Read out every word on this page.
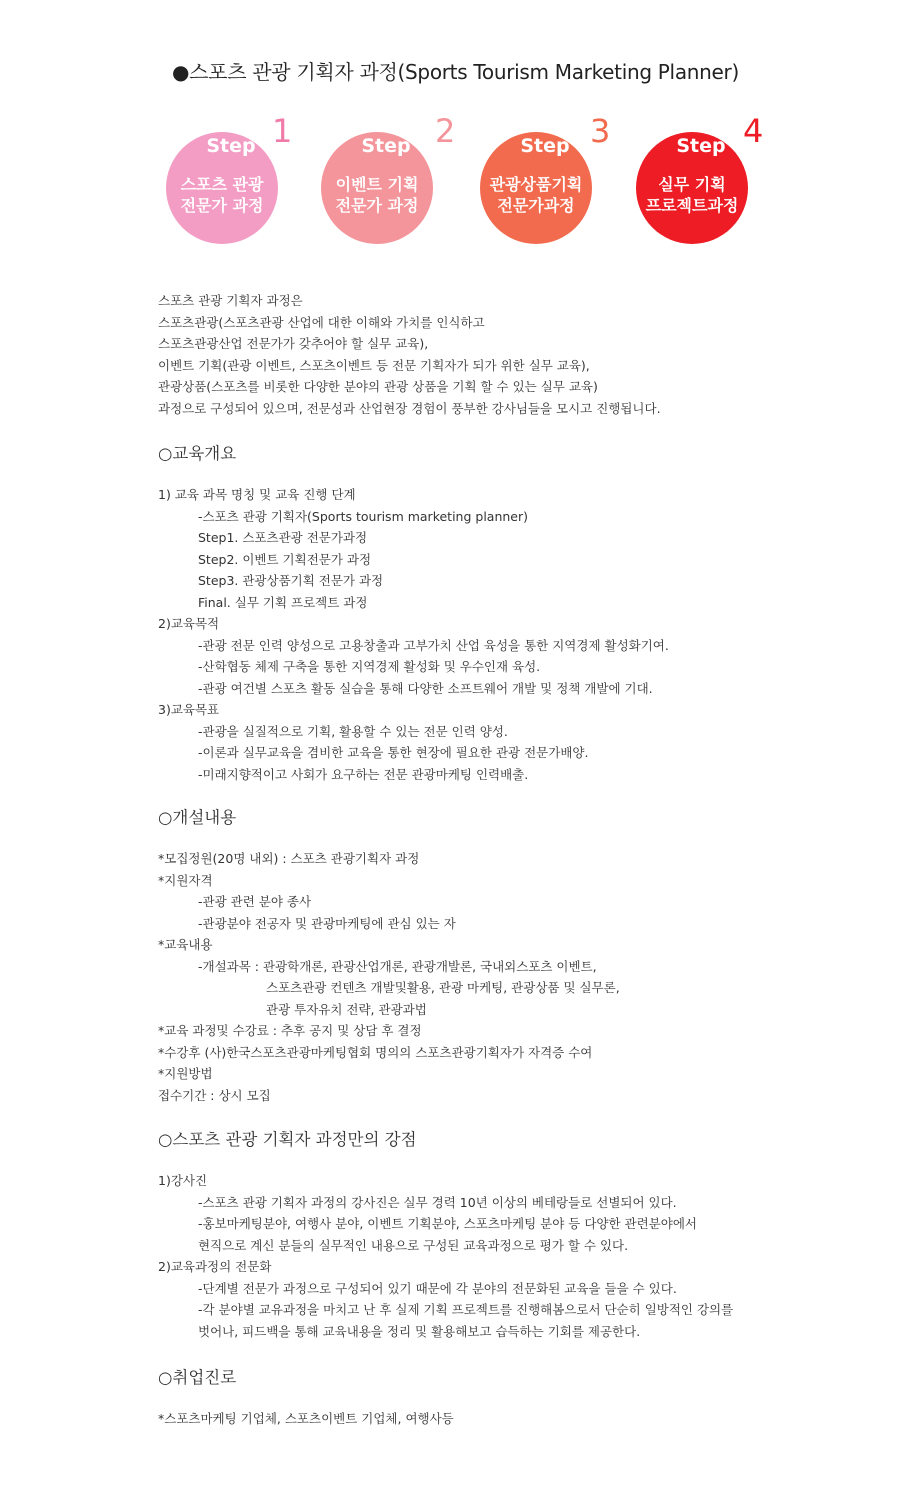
●스포츠 관광 기획자 과정(Sports Tourism Marketing Planner)
Step
스포츠 관광
전문가 과정
1	Step
이벤트 기획
전문가 과정
2	Step
관광상품기획
전문가과정
3	Step
실무 기획
프로젝트과정
4

스포츠 관광 기획자 과정은

스포츠관광(스포츠관광 산업에 대한 이해와 가치를 인식하고

스포츠관광산업 전문가가 갖추어야 할 실무 교육),

이벤트 기획(관광 이벤트, 스포츠이벤트 등 전문 기획자가 되가 위한 실무 교육),

관광상품(스포츠를 비롯한 다양한 분야의 관광 상품을 기획 할 수 있는 실무 교육)

과정으로 구성되어 있으며, 전문성과 산업현장 경험이 풍부한 강사님들을 모시고 진행됩니다.

○교육개요
1) 교육 과목 명칭 및 교육 진행 단계
-스포츠 관광 기획자(Sports tourism marketing planner)
Step1. 스포츠관광 전문가과정
Step2. 이벤트 기획전문가 과정
Step3. 관광상품기획 전문가 과정
Final. 실무 기획 프로젝트 과정
2)교육목적
-관광 전문 인력 양성으로 고용창출과 고부가치 산업 육성을 통한 지역경제 활성화기여.
-산학협동 체제 구축을 통한 지역경제 활성화 및 우수인재 육성.
-관광 여건별 스포츠 활동 실습을 통해 다양한 소프트웨어 개발 및 정책 개발에 기대.
3)교육목표
-관광을 실질적으로 기획, 활용할 수 있는 전문 인력 양성.
-이론과 실무교육을 겸비한 교육을 통한 현장에 필요한 관광 전문가배양.
-미래지향적이고 사회가 요구하는 전문 관광마케팅 인력배출.
○개설내용
*모집정원(20명 내외) : 스포츠 관광기획자 과정
*지원자격
-관광 관련 분야 종사
-관광분야 전공자 및 관광마케팅에 관심 있는 자
*교육내용
-개설과목 : 관광학개론, 관광산업개론, 관광개발론, 국내외스포츠 이벤트,
스포츠관광 컨텐츠 개발및활용, 관광 마케팅, 관광상품 및 실무론,
관광 투자유치 전략, 관광과법
*교육 과정및 수강료 : 추후 공지 및 상담 후 결정
*수강후 (사)한국스포츠관광마케팅협회 명의의 스포츠관광기획자가 자격증 수여
*지원방법
접수기간 : 상시 모집
○스포츠 관광 기획자 과정만의 강점
1)강사진
-스포츠 관광 기획자 과정의 강사진은 실무 경력 10년 이상의 베테랑들로 선별되어 있다.
-홍보마케팅분야, 여행사 분야, 이벤트 기획분야, 스포츠마케팅 분야 등 다양한 관련분야에서
현직으로 계신 분들의 실무적인 내용으로 구성된 교육과정으로 평가 할 수 있다.
2)교육과정의 전문화
-단계별 전문가 과정으로 구성되어 있기 때문에 각 분야의 전문화된 교육을 들을 수 있다.
-각 분야별 교유과정을 마치고 난 후 실제 기획 프로젝트를 진행해봄으로서 단순히 일방적인 강의를
벗어나, 피드백을 통해 교육내용을 정리 및 활용해보고 습득하는 기회를 제공한다.
○취업진로
*스포츠마케팅 기업체, 스포츠이벤트 기업체, 여행사등
